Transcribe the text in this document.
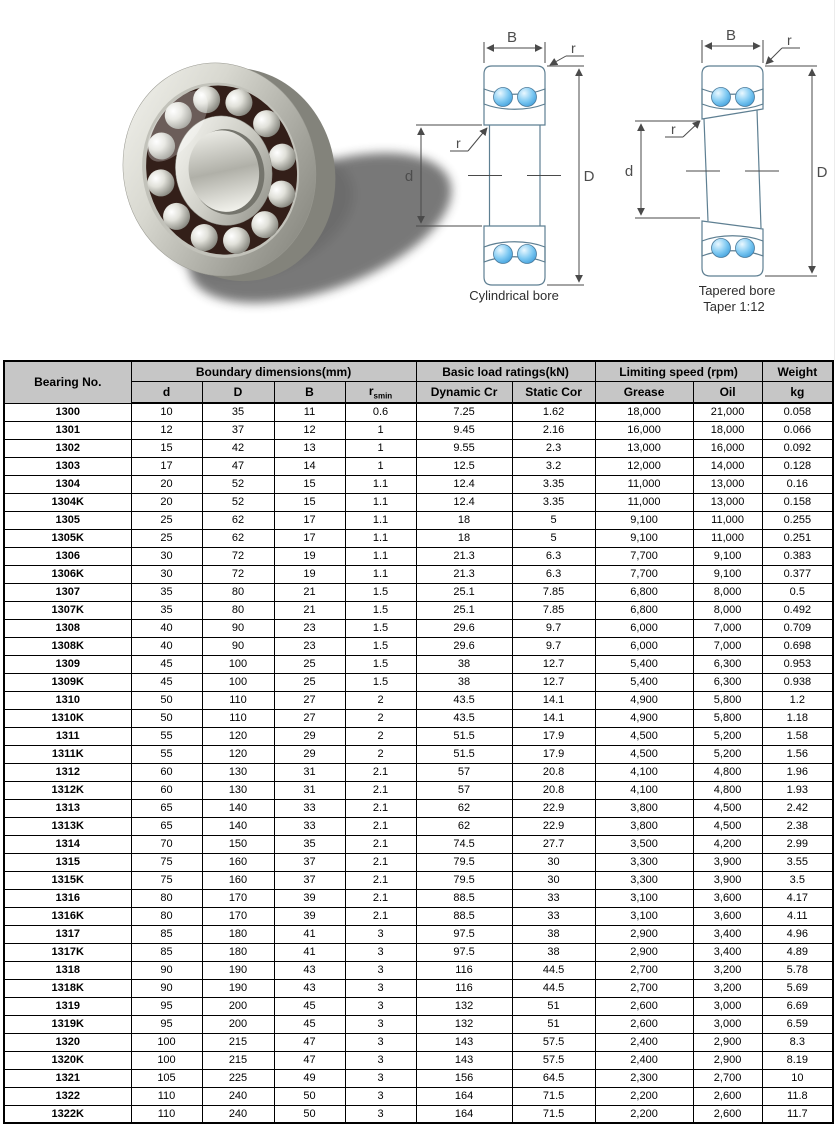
B
r
r
d	D
Cylindrical bore
B	r
r
d	D
Tapered bore
Taper 1:12
Bearing No.	Boundary dimensions(mm)				Basic load ratings(kN)		Limiting speed (rpm)		Weight
	d	D	B	$r_{smin}$	Dynamic Cr	Static Cor	Grease	Oil	kg
1300	10	35	11	0.6	7.25	1.62	18,000	21,000	0.058
1301	12	37	12	1	9.45	2.16	16,000	18,000	0.066
1302	15	42	13	1	9.55	2.3	13,000	16,000	0.092
1303	17	47	14	1	12.5	3.2	12,000	14,000	0.128
1304	20	52	15	1.1	12.4	3.35	11,000	13,000	0.16
1304K	20	52	15	1.1	12.4	3.35	11,000	13,000	0.158
1305	25	62	17	1.1	18	5	9,100	11,000	0.255
1305K	25	62	17	1.1	18	5	9,100	11,000	0.251
1306	30	72	19	1.1	21.3	6.3	7,700	9,100	0.383
1306K	30	72	19	1.1	21.3	6.3	7,700	9,100	0.377
1307	35	80	21	1.5	25.1	7.85	6,800	8,000	0.5
1307K	35	80	21	1.5	25.1	7.85	6,800	8,000	0.492
1308	40	90	23	1.5	29.6	9.7	6,000	7,000	0.709
1308K	40	90	23	1.5	29.6	9.7	6,000	7,000	0.698
1309	45	100	25	1.5	38	12.7	5,400	6,300	0.953
1309K	45	100	25	1.5	38	12.7	5,400	6,300	0.938
1310	50	110	27	2	43.5	14.1	4,900	5,800	1.2
1310K	50	110	27	2	43.5	14.1	4,900	5,800	1.18
1311	55	120	29	2	51.5	17.9	4,500	5,200	1.58
1311K	55	120	29	2	51.5	17.9	4,500	5,200	1.56
1312	60	130	31	2.1	57	20.8	4,100	4,800	1.96
1312K	60	130	31	2.1	57	20.8	4,100	4,800	1.93
1313	65	140	33	2.1	62	22.9	3,800	4,500	2.42
1313K	65	140	33	2.1	62	22.9	3,800	4,500	2.38
1314	70	150	35	2.1	74.5	27.7	3,500	4,200	2.99
1315	75	160	37	2.1	79.5	30	3,300	3,900	3.55
1315K	75	160	37	2.1	79.5	30	3,300	3,900	3.5
1316	80	170	39	2.1	88.5	33	3,100	3,600	4.17
1316K	80	170	39	2.1	88.5	33	3,100	3,600	4.11
1317	85	180	41	3	97.5	38	2,900	3,400	4.96
1317K	85	180	41	3	97.5	38	2,900	3,400	4.89
1318	90	190	43	3	116	44.5	2,700	3,200	5.78
1318K	90	190	43	3	116	44.5	2,700	3,200	5.69
1319	95	200	45	3	132	51	2,600	3,000	6.69
1319K	95	200	45	3	132	51	2,600	3,000	6.59
1320	100	215	47	3	143	57.5	2,400	2,900	8.3
1320K	100	215	47	3	143	57.5	2,400	2,900	8.19
1321	105	225	49	3	156	64.5	2,300	2,700	10
1322	110	240	50	3	164	71.5	2,200	2,600	11.8
1322K	110	240	50	3	164	71.5	2,200	2,600	11.7
